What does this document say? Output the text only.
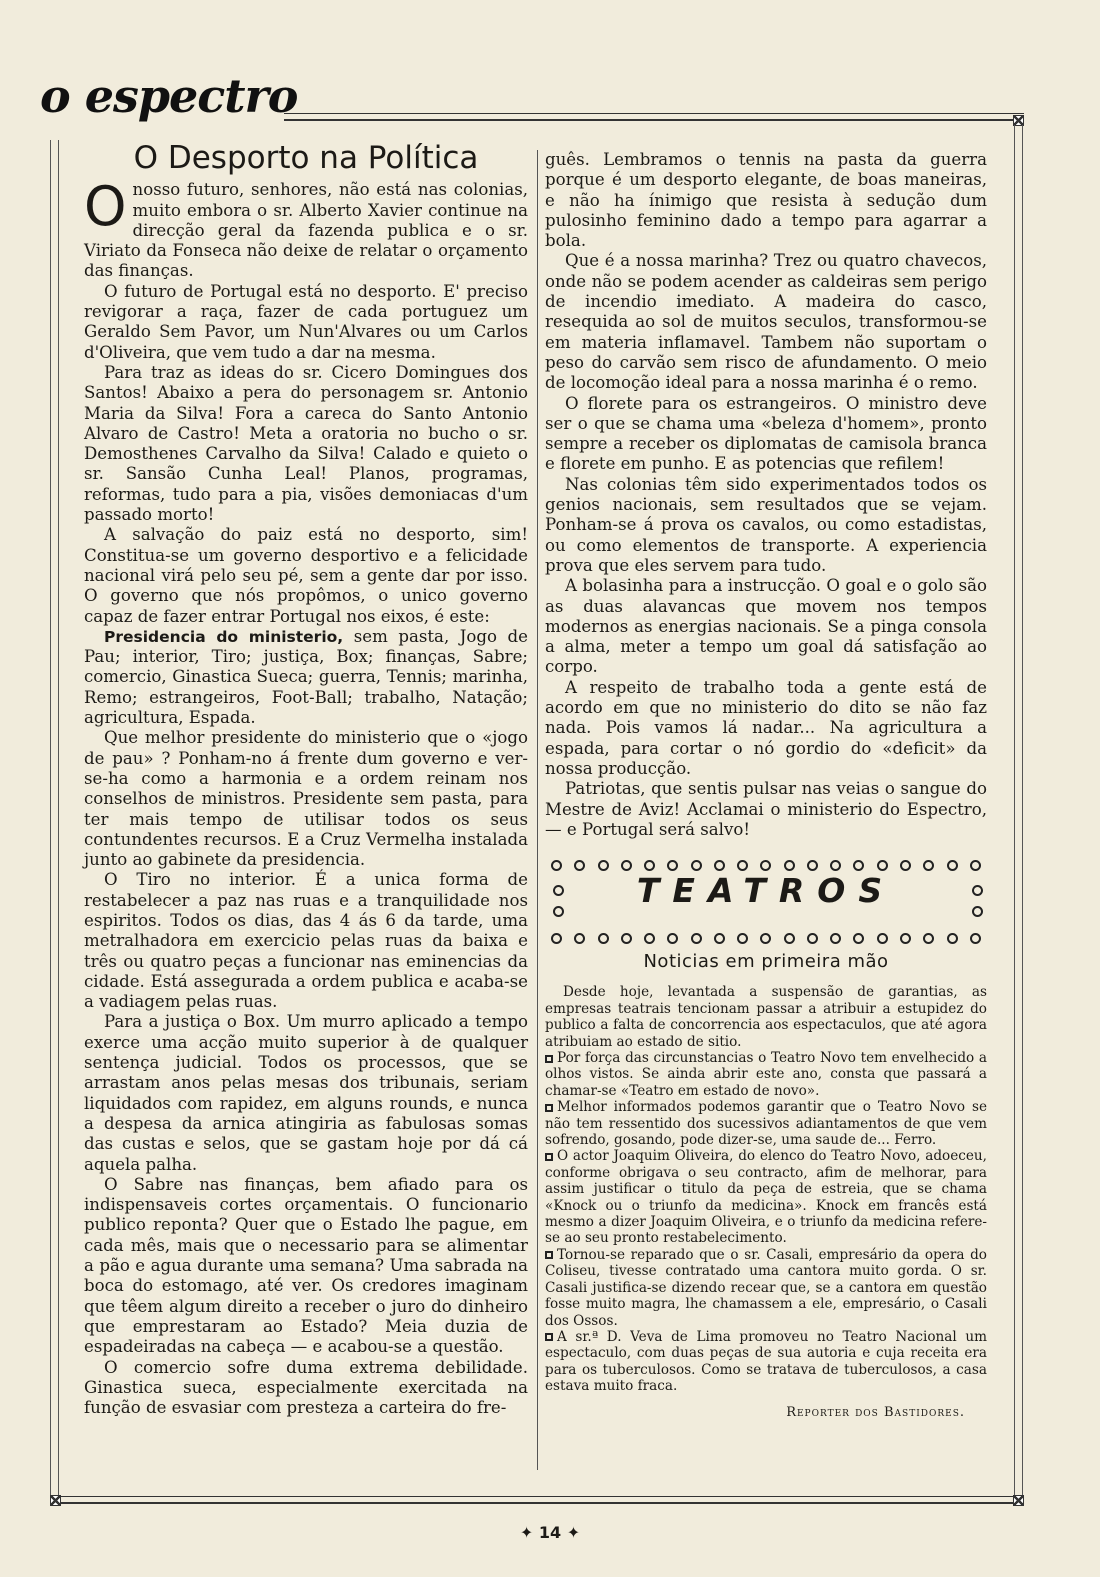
o espectro
O Desporto na Política

Onosso futuro, senhores, não está nas colonias, muito embora o sr. Alberto Xavier continue na direcção geral da fazenda publica e o sr. Viriato da Fonseca não deixe de relatar o orçamento das finanças.

O futuro de Portugal está no desporto. E' preciso revigorar a raça, fazer de cada portuguez um Geraldo Sem Pavor, um Nun'Alvares ou um Carlos d'Oliveira, que vem tudo a dar na mesma.

Para traz as ideas do sr. Cicero Domingues dos Santos! Abaixo a pera do personagem sr. Antonio Maria da Silva! Fora a careca do Santo Antonio Alvaro de Castro! Meta a oratoria no bucho o sr. Demosthenes Carvalho da Silva! Calado e quieto o sr. Sansão Cunha Leal! Planos, programas, reformas, tudo para a pia, visões demoniacas d'um passado morto!

A salvação do paiz está no desporto, sim! Constitua-se um governo desportivo e a felicidade nacional virá pelo seu pé, sem a gente dar por isso. O governo que nós propômos, o unico governo capaz de fazer entrar Portugal nos eixos, é este:

Presidencia do ministerio, sem pasta, Jogo de Pau; interior, Tiro; justiça, Box; finanças, Sabre; comercio, Ginastica Sueca; guerra, Tennis; marinha, Remo; estrangeiros, Foot-Ball; trabalho, Natação; agricultura, Espada.

Que melhor presidente do ministerio que o «jogo de pau» ? Ponham-no á frente dum governo e ver-se-ha como a harmonia e a ordem reinam nos conselhos de ministros. Presidente sem pasta, para ter mais tempo de utilisar todos os seus contundentes recursos. E a Cruz Vermelha instalada junto ao gabinete da presidencia.

O Tiro no interior. É a unica forma de restabelecer a paz nas ruas e a tranquilidade nos espiritos. Todos os dias, das 4 ás 6 da tarde, uma metralhadora em exercicio pelas ruas da baixa e três ou quatro peças a funcionar nas eminencias da cidade. Está assegurada a ordem publica e acaba-se a vadiagem pelas ruas.

Para a justiça o Box. Um murro aplicado a tempo exerce uma acção muito superior à de qualquer sentença judicial. Todos os processos, que se arrastam anos pelas mesas dos tribunais, seriam liquidados com rapidez, em alguns rounds, e nunca a despesa da arnica atingiria as fabulosas somas das custas e selos, que se gastam hoje por dá cá aquela palha.

O Sabre nas finanças, bem afiado para os indispensaveis cortes orçamentais. O funcionario publico reponta? Quer que o Estado lhe pague, em cada mês, mais que o necessario para se alimentar a pão e agua durante uma semana? Uma sabrada na boca do estomago, até ver. Os credores imaginam que têem algum direito a receber o juro do dinheiro que emprestaram ao Estado? Meia duzia de espadeiradas na cabeça — e acabou-se a questão.

O comercio sofre duma extrema debilidade. Ginastica sueca, especialmente exercitada na função de esvasiar com presteza a carteira do fre-

guês. Lembramos o tennis na pasta da guerra porque é um desporto elegante, de boas maneiras, e não ha ínimigo que resista à sedução dum pulosinho feminino dado a tempo para agarrar a bola.

Que é a nossa marinha? Trez ou quatro chavecos, onde não se podem acender as caldeiras sem perigo de incendio imediato. A madeira do casco, resequida ao sol de muitos seculos, transformou-se em materia inflamavel. Tambem não suportam o peso do carvão sem risco de afundamento. O meio de locomoção ideal para a nossa marinha é o remo.

O florete para os estrangeiros. O ministro deve ser o que se chama uma «beleza d'homem», pronto sempre a receber os diplomatas de camisola branca e florete em punho. E as potencias que refilem!

Nas colonias têm sido experimentados todos os genios nacionais, sem resultados que se vejam. Ponham-se á prova os cavalos, ou como estadistas, ou como elementos de transporte. A experiencia prova que eles servem para tudo.

A bolasinha para a instrucção. O goal e o golo são as duas alavancas que movem nos tempos modernos as energias nacionais. Se a pinga consola a alma, meter a tempo um goal dá satisfação ao corpo.

A respeito de trabalho toda a gente está de acordo em que no ministerio do dito se não faz nada. Pois vamos lá nadar... Na agricultura a espada, para cortar o nó gordio do «deficit» da nossa producção.

Patriotas, que sentis pulsar nas veias o sangue do Mestre de Aviz! Acclamai o ministerio do Espectro, — e Portugal será salvo!

TEATROS
Noticias em primeira mão

Desde hoje, levantada a suspensão de garantias, as empresas teatrais tencionam passar a atribuir a estupidez do publico a falta de concorrencia aos espectaculos, que até agora atribuiam ao estado de sitio.

Por força das circunstancias o Teatro Novo tem envelhecido a olhos vistos. Se ainda abrir este ano, consta que passará a chamar-se «Teatro em estado de novo».

Melhor informados podemos garantir que o Teatro Novo se não tem ressentido dos sucessivos adiantamentos de que vem sofrendo, gosando, pode dizer-se, uma saude de... Ferro.

O actor Joaquim Oliveira, do elenco do Teatro Novo, adoeceu, conforme obrigava o seu contracto, afim de melhorar, para assim justificar o titulo da peça de estreia, que se chama «Knock ou o triunfo da medicina». Knock em francês está mesmo a dizer Joaquim Oliveira, e o triunfo da medicina refere-se ao seu pronto restabelecimento.

Tornou-se reparado que o sr. Casali, empresário da opera do Coliseu, tivesse contratado uma cantora muito gorda. O sr. Casali justifica-se dizendo recear que, se a cantora em questão fosse muito magra, lhe chamassem a ele, empresário, o Casali dos Ossos.

A sr.ª D. Veva de Lima promoveu no Teatro Nacional um espectaculo, com duas peças de sua autoria e cuja receita era para os tuberculosos. Como se tratava de tuberculosos, a casa estava muito fraca.

Reporter dos Bastidores.
✦ 14 ✦
